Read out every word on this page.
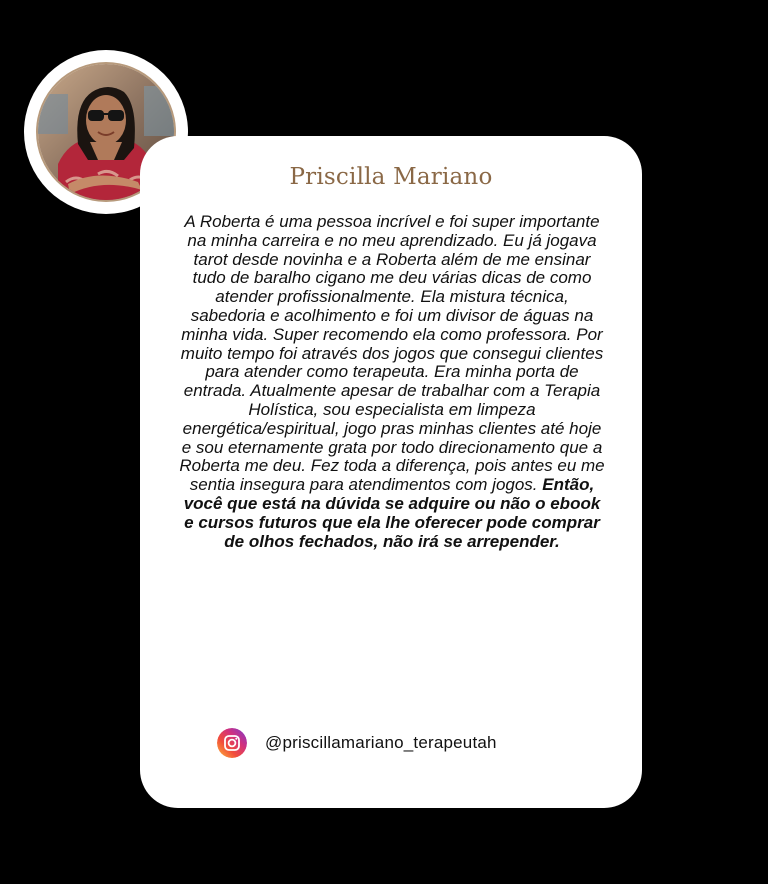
Priscilla Mariano

A Roberta é uma pessoa incrível e foi super importante na minha carreira e no meu aprendizado. Eu já jogava tarot desde novinha e a Roberta além de me ensinar tudo de baralho cigano me deu várias dicas de como atender profissionalmente. Ela mistura técnica, sabedoria e acolhimento e foi um divisor de águas na minha vida. Super recomendo ela como professora. Por muito tempo foi através dos jogos que consegui clientes para atender como terapeuta. Era minha porta de entrada. Atualmente apesar de trabalhar com a Terapia Holística, sou especialista em limpeza energética/espiritual, jogo pras minhas clientes até hoje e sou eternamente grata por todo direcionamento que a Roberta me deu. Fez toda a diferença, pois antes eu me sentia insegura para atendimentos com jogos. Então, você que está na dúvida se adquire ou não o ebook e cursos futuros que ela lhe oferecer pode comprar de olhos fechados, não irá se arrepender.

@priscillamariano_terapeutah
